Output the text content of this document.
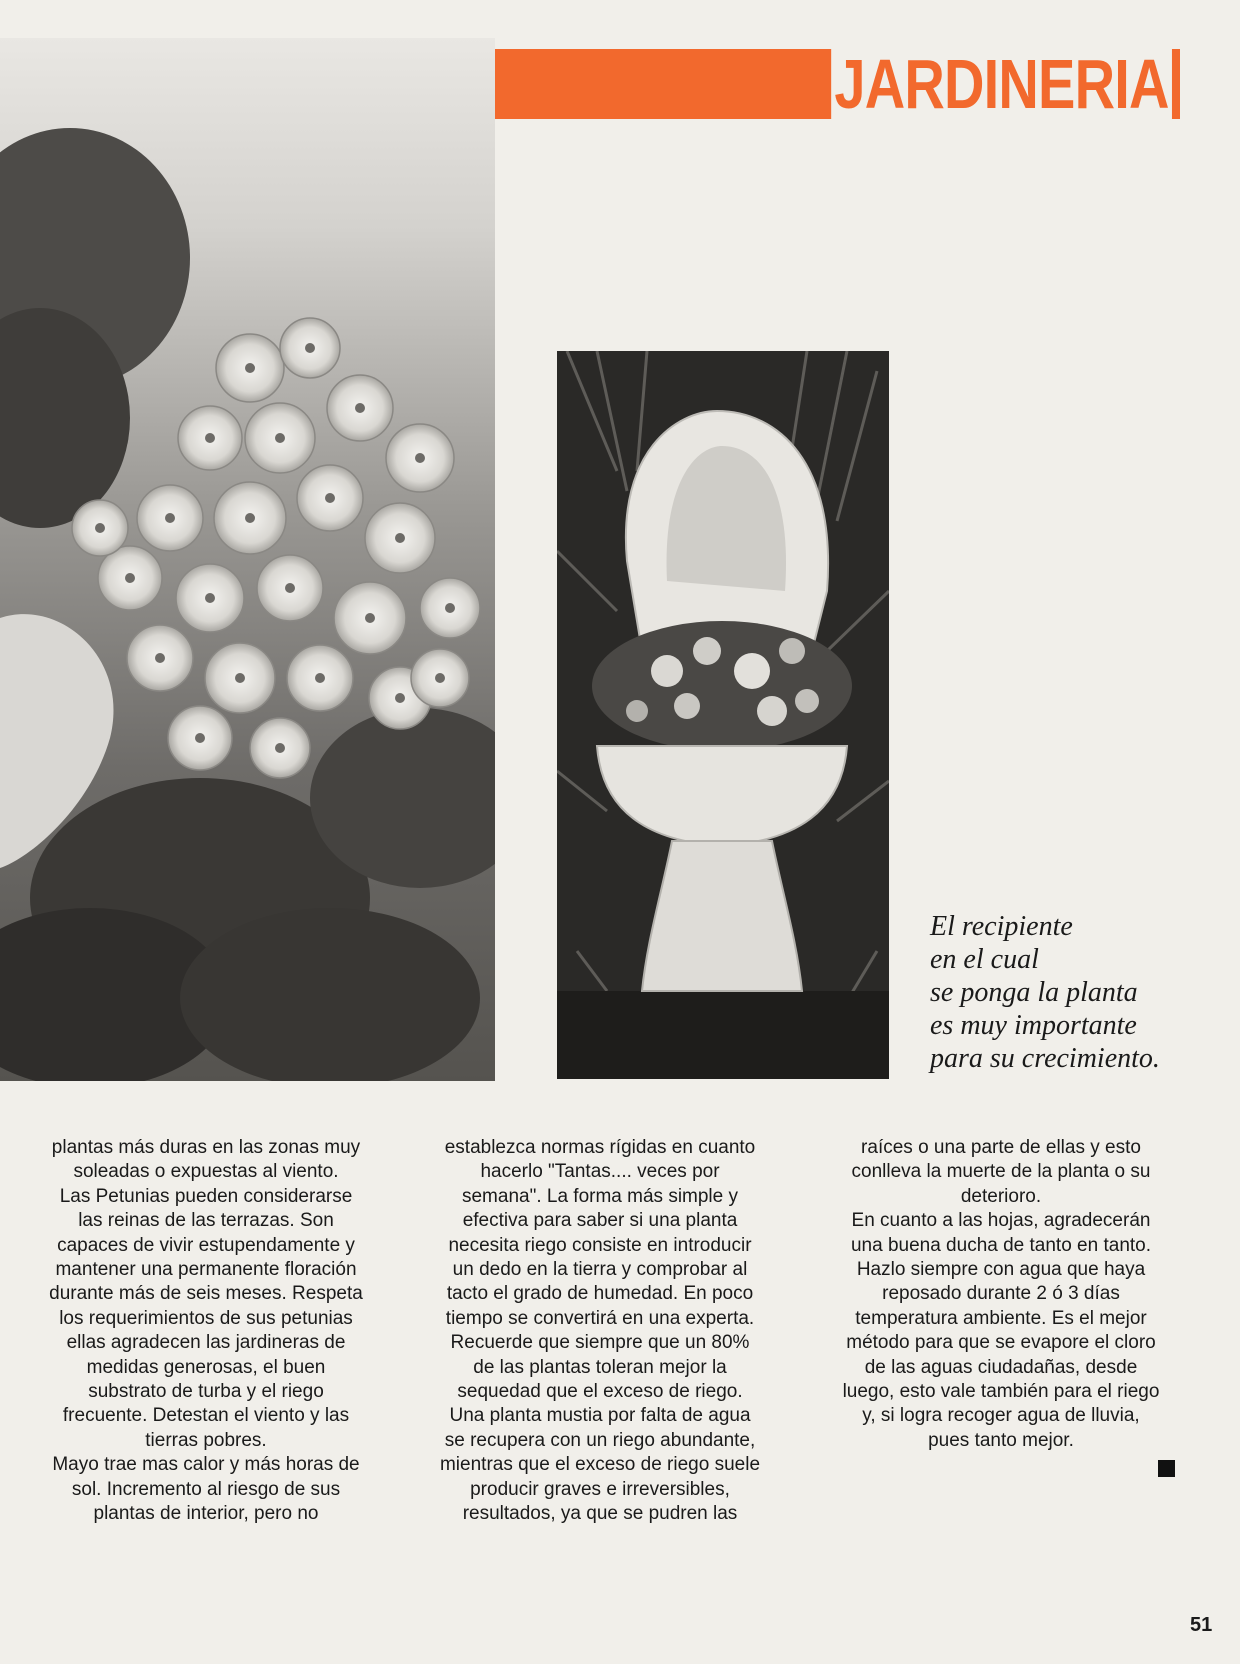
JARDINERIA
El recipiente
en el cual
se ponga la planta
es muy importante
para su crecimiento.
plantas más duras en las zonas muy
soleadas o expuestas al viento.
Las Petunias pueden considerarse
las reinas de las terrazas. Son
capaces de vivir estupendamente y
mantener una permanente floración
durante más de seis meses. Respeta
los requerimientos de sus petunias
ellas agradecen las jardineras de
medidas generosas, el buen
substrato de turba y el riego
frecuente. Detestan el viento y las
tierras pobres.
Mayo trae mas calor y más horas de
sol. Incremento al riesgo de sus
plantas de interior, pero no
establezca normas rígidas en cuanto
hacerlo "Tantas.... veces por
semana". La forma más simple y
efectiva para saber si una planta
necesita riego consiste en introducir
un dedo en la tierra y comprobar al
tacto el grado de humedad. En poco
tiempo se convertirá en una experta.
Recuerde que siempre que un 80%
de las plantas toleran mejor la
sequedad que el exceso de riego.
Una planta mustia por falta de agua
se recupera con un riego abundante,
mientras que el exceso de riego suele
producir graves e irreversibles,
resultados, ya que se pudren las
raíces o una parte de ellas y esto
conlleva la muerte de la planta o su
deterioro.
En cuanto a las hojas, agradecerán
una buena ducha de tanto en tanto.
Hazlo siempre con agua que haya
reposado durante 2 ó 3 días
temperatura ambiente. Es el mejor
método para que se evapore el cloro
de las aguas ciudadañas, desde
luego, esto vale también para el riego
y, si logra recoger agua de lluvia,
pues tanto mejor.
51
